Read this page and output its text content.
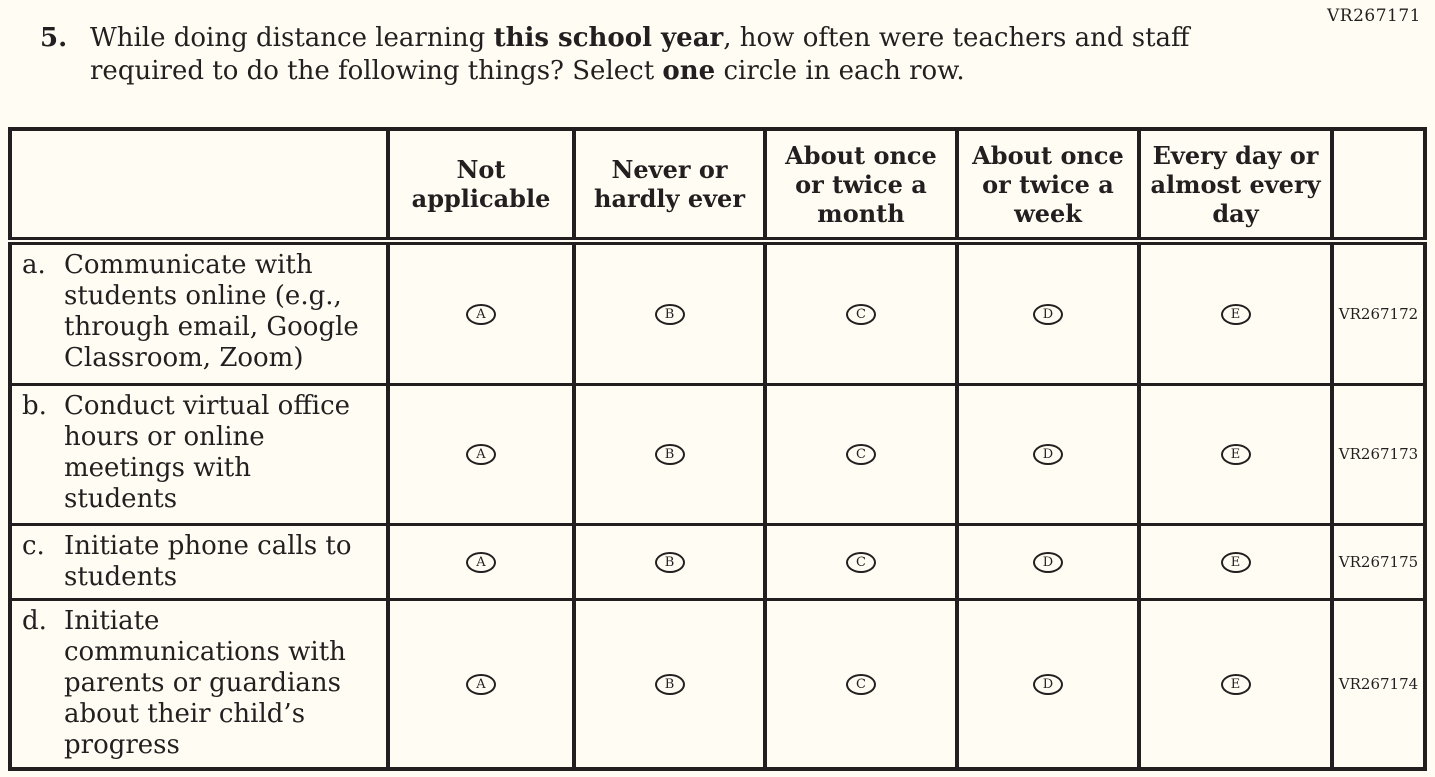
VR267171
5. While doing distance learning this school year, how often were teachers and staff required to do the following things? Select one circle in each row.
	Not applicable	Never or hardly ever	About once or twice a month	About once or twice a week	Every day or almost every day	

a. Communicate with students online (e.g., through email, Google Classroom, Zoom)	A	B	C	D	E	VR267172

b. Conduct virtual office hours or online meetings with students	A	B	C	D	E	VR267173

c. Initiate phone calls to students	A	B	C	D	E	VR267175

d. Initiate communications with parents or guardians about their child’s progress	A	B	C	D	E	VR267174
